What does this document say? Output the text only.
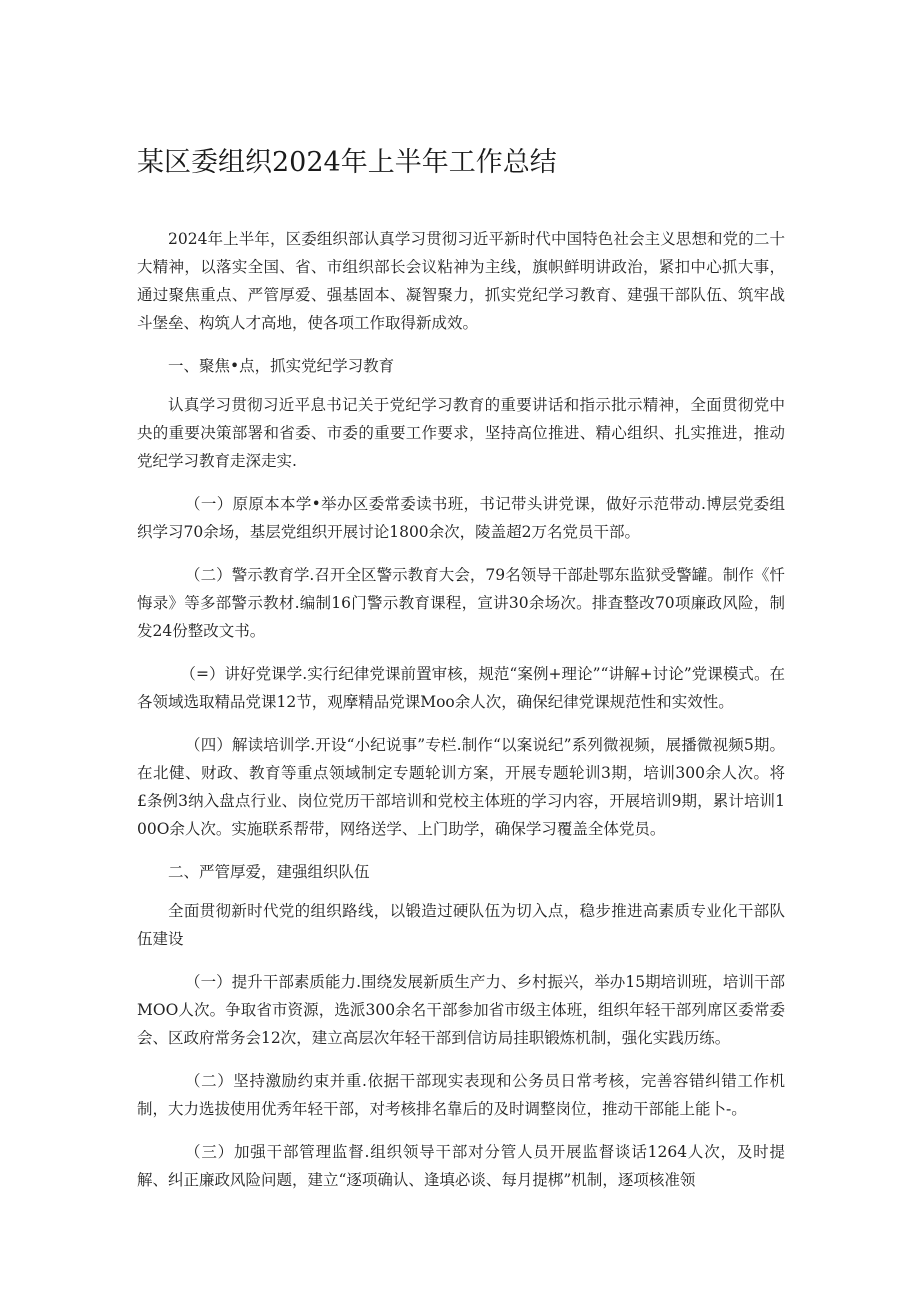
某区委组织2024年上半年工作总结

2024年上半年，区委组织部认真学习贯彻习近平新时代中国特色社会主义思想和党的二十大精神，以落实全国、省、市组织部长会议粘神为主线，旗帜鲜明讲政治，紧扣中心抓大事，通过聚焦重点、严管厚爱、强基固本、凝智聚力，抓实党纪学习教育、建强干部队伍、筑牢战斗堡垒、构筑人才高地，使各项工作取得新成效。

一、聚焦•点，抓实党纪学习教育

认真学习贯彻习近平息书记关于党纪学习教育的重要讲话和指示批示精神，全面贯彻党中央的重要决策部署和省委、市委的重要工作要求，坚持高位推进、精心组织、扎实推进，推动党纪学习教育走深走实.

（一）原原本本学•举办区委常委读书班，书记带头讲党课，做好示范带动.博层党委组织学习70余场，基层党组织开展讨论1800余次，陵盖超2万名党员干部。

（二）警示教育学.召开全区警示教育大会，79名领导干部赴鄂东监狱受警罐。制作《忏悔录》等多部警示教材.编制16门警示教育课程，宣讲30余场次。排査整改70项廉政风险，制发24份整改文书。

（=）讲好党课学.实行纪律党课前置审核，规范“案例+理论”“讲解+讨论”党课模式。在各领域选取精品党课12节，观摩精品党课Moo余人次，确保纪律党课规范性和实效性。

（四）解读培训学.开设“小纪说事”专栏.制作“以案说纪”系列微视频，展播微视频5期。在北健、财政、教育等重点领域制定专题轮训方案，开展专题轮训3期，培训300余人次。将£条例3纳入盘点行业、岗位党历干部培训和党校主体班的学习内容，开展培训9期，累计培训100O余人次。实施联系帮带，网络送学、上门助学，确保学习覆盖全体党员。

二、严管厚爱，建强组织队伍

全面贯彻新时代党的组织路线，以锻造过硬队伍为切入点，稳步推进高素质专业化干部队伍建设

（一）提升干部素质能力.围绕发展新质生产力、乡村振兴，举办15期培训班，培训干部MOO人次。争取省市资源，选派300余名干部参加省市级主体班，组织年轻干部列席区委常委会、区政府常务会12次，建立高层次年轻干部到信访局挂职锻炼机制，强化实践历练。

（二）坚持激励约束并重.依据干部现实表现和公务员日常考核，完善容错纠错工作机制，大力选拔使用优秀年轻干部，对考核排名靠后的及时调整岗位，推动干部能上能卜-。

（三）加强干部管理监督.组织领导干部对分管人员开展监督谈话1264人次，及时提解、纠正廉政风险问题，建立“逐项确认、逢填必谈、每月提梆”机制，逐项核准领
